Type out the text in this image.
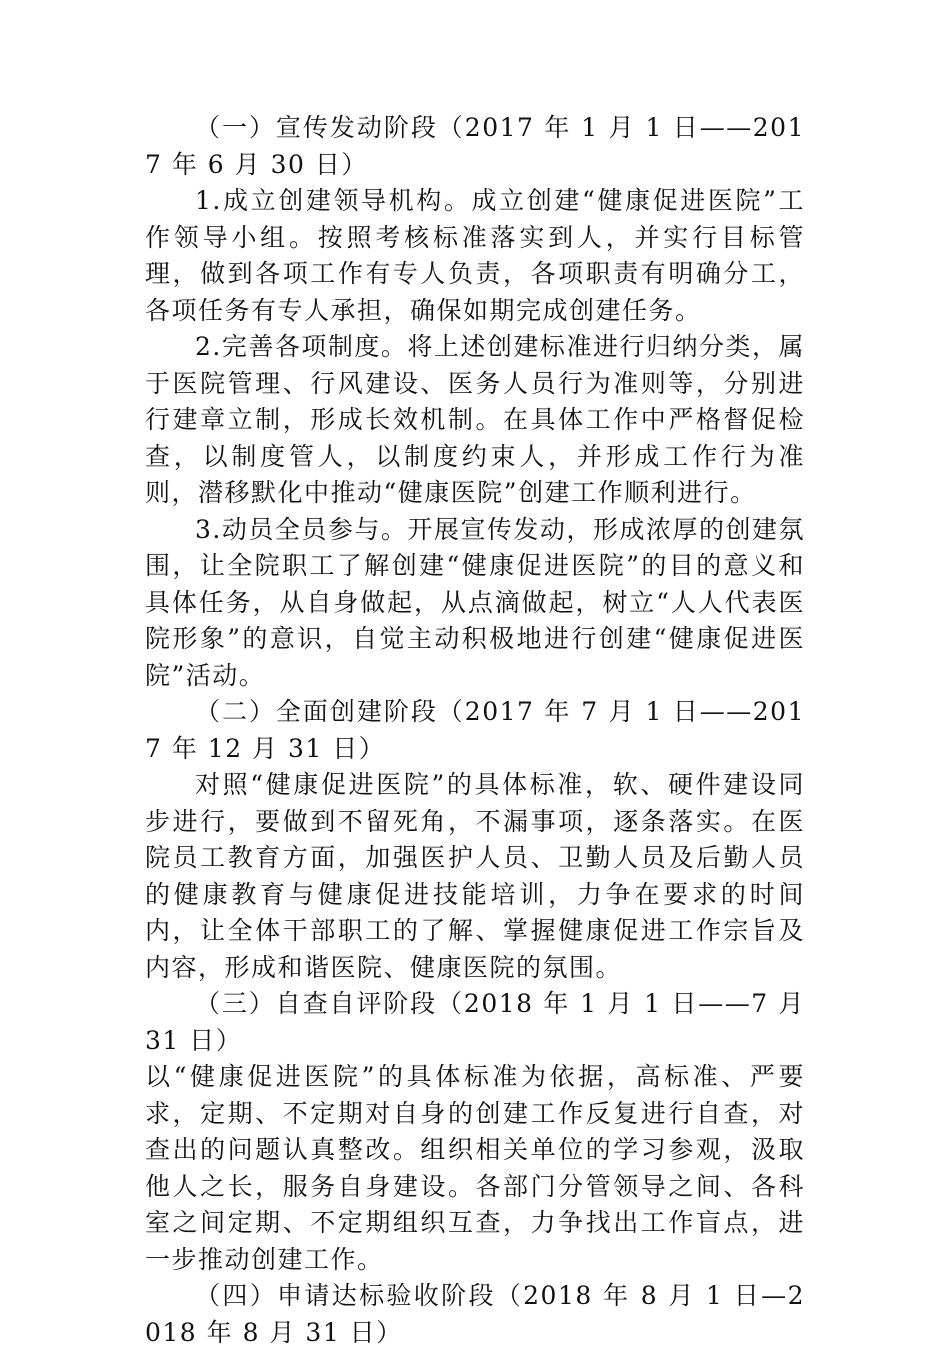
（一）宣传发动阶段（2017 年 1 月 1 日——2017 年 6 月 30 日）

1.成立创建领导机构。成立创建“健康促进医院”工作领导小组。按照考核标准落实到人，并实行目标管理，做到各项工作有专人负责，各项职责有明确分工，各项任务有专人承担，确保如期完成创建任务。

2.完善各项制度。将上述创建标准进行归纳分类，属于医院管理、行风建设、医务人员行为准则等，分别进行建章立制，形成长效机制。在具体工作中严格督促检查，以制度管人，以制度约束人，并形成工作行为准则，潜移默化中推动“健康医院”创建工作顺利进行。

3.动员全员参与。开展宣传发动，形成浓厚的创建氛围，让全院职工了解创建“健康促进医院”的目的意义和具体任务，从自身做起，从点滴做起，树立“人人代表医院形象”的意识，自觉主动积极地进行创建“健康促进医院”活动。

（二）全面创建阶段（2017 年 7 月 1 日——2017 年 12 月 31 日）

对照“健康促进医院”的具体标准，软、硬件建设同步进行，要做到不留死角，不漏事项，逐条落实。在医院员工教育方面，加强医护人员、卫勤人员及后勤人员的健康教育与健康促进技能培训，力争在要求的时间内，让全体干部职工的了解、掌握健康促进工作宗旨及内容，形成和谐医院、健康医院的氛围。

（三）自查自评阶段（2018 年 1 月 1 日——7 月 31 日）

以“健康促进医院”的具体标准为依据，高标准、严要求，定期、不定期对自身的创建工作反复进行自查，对查出的问题认真整改。组织相关单位的学习参观，汲取他人之长，服务自身建设。各部门分管领导之间、各科室之间定期、不定期组织互查，力争找出工作盲点，进一步推动创建工作。

（四）申请达标验收阶段（2018 年 8 月 1 日—2018 年 8 月 31 日）
